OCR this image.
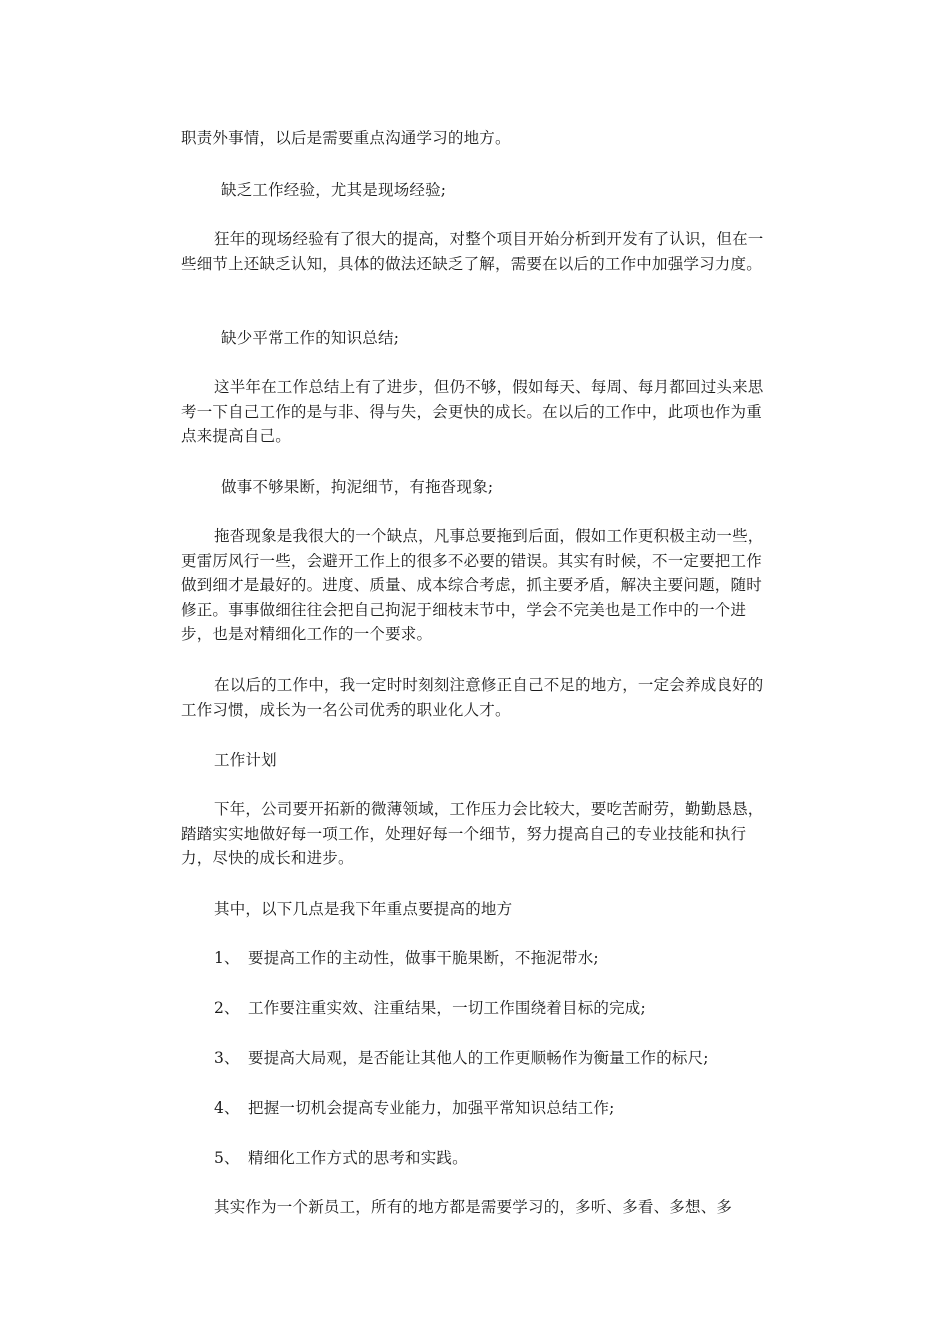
职责外事情，以后是需要重点沟通学习的地方。

缺乏工作经验，尤其是现场经验;

狂年的现场经验有了很大的提高，对整个项目开始分析到开发有了认识，但在一些细节上还缺乏认知，具体的做法还缺乏了解，需要在以后的工作中加强学习力度。

缺少平常工作的知识总结;

这半年在工作总结上有了进步，但仍不够，假如每天、每周、每月都回过头来思考一下自己工作的是与非、得与失，会更快的成长。在以后的工作中，此项也作为重点来提高自己。

做事不够果断，拘泥细节，有拖沓现象;

拖沓现象是我很大的一个缺点，凡事总要拖到后面，假如工作更积极主动一些，更雷厉风行一些，会避开工作上的很多不必要的错误。其实有时候，不一定要把工作做到细才是最好的。进度、质量、成本综合考虑，抓主要矛盾，解决主要问题，随时修正。事事做细往往会把自己拘泥于细枝末节中，学会不完美也是工作中的一个进步，也是对精细化工作的一个要求。

在以后的工作中，我一定时时刻刻注意修正自己不足的地方，一定会养成良好的工作习惯，成长为一名公司优秀的职业化人才。

工作计划

下年，公司要开拓新的微薄领域，工作压力会比较大，要吃苦耐劳，勤勤恳恳，踏踏实实地做好每一项工作，处理好每一个细节，努力提高自己的专业技能和执行力，尽快的成长和进步。

其中，以下几点是我下年重点要提高的地方

1、 要提高工作的主动性，做事干脆果断，不拖泥带水;

2、 工作要注重实效、注重结果，一切工作围绕着目标的完成;

3、 要提高大局观，是否能让其他人的工作更顺畅作为衡量工作的标尺;

4、 把握一切机会提高专业能力，加强平常知识总结工作;

5、 精细化工作方式的思考和实践。

其实作为一个新员工，所有的地方都是需要学习的，多听、多看、多想、多
